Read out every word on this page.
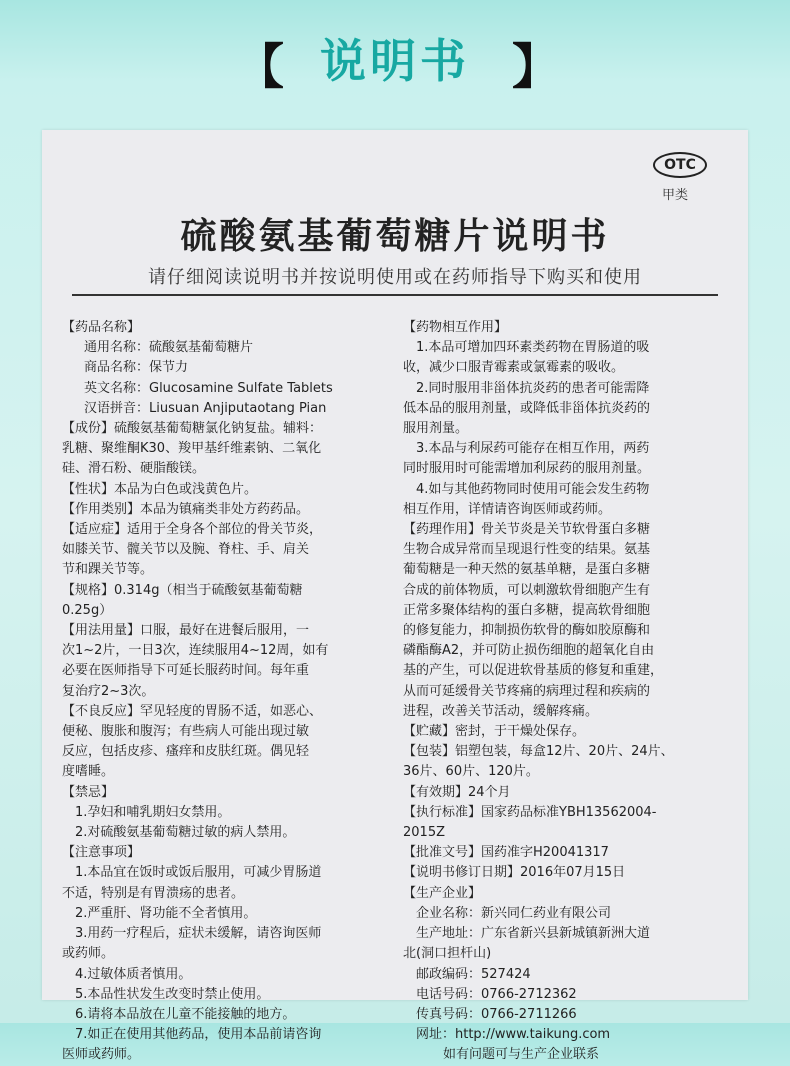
【 说明书 】
OTC
甲类
硫酸氨基葡萄糖片说明书
请仔细阅读说明书并按说明使用或在药师指导下购买和使用

【药品名称】

通用名称：硫酸氨基葡萄糖片

商品名称：保节力

英文名称：Glucosamine Sulfate Tablets

汉语拼音：Liusuan Anjiputaotang Pian

【成份】硫酸氨基葡萄糖氯化钠复盐。辅料：

乳糖、聚维酮K30、羧甲基纤维素钠、二氧化

硅、滑石粉、硬脂酸镁。

【性状】本品为白色或浅黄色片。

【作用类别】本品为镇痛类非处方药药品。

【适应症】适用于全身各个部位的骨关节炎，

如膝关节、髋关节以及腕、脊柱、手、肩关

节和踝关节等。

【规格】0.314g（相当于硫酸氨基葡萄糖

0.25g）

【用法用量】口服，最好在进餐后服用，一

次1~2片，一日3次，连续服用4~12周，如有

必要在医师指导下可延长服药时间。每年重

复治疗2~3次。

【不良反应】罕见轻度的胃肠不适，如恶心、

便秘、腹胀和腹泻；有些病人可能出现过敏

反应，包括皮疹、瘙痒和皮肤红斑。偶见轻

度嗜睡。

【禁忌】

1.孕妇和哺乳期妇女禁用。

2.对硫酸氨基葡萄糖过敏的病人禁用。

【注意事项】

1.本品宜在饭时或饭后服用，可减少胃肠道

不适，特别是有胃溃疡的患者。

2.严重肝、肾功能不全者慎用。

3.用药一疗程后，症状未缓解，请咨询医师

或药师。

4.过敏体质者慎用。

5.本品性状发生改变时禁止使用。

6.请将本品放在儿童不能接触的地方。

7.如正在使用其他药品，使用本品前请咨询

医师或药师。

【药物相互作用】

1.本品可增加四环素类药物在胃肠道的吸

收，减少口服青霉素或氯霉素的吸收。

2.同时服用非甾体抗炎药的患者可能需降

低本品的服用剂量，或降低非甾体抗炎药的

服用剂量。

3.本品与利尿药可能存在相互作用，两药

同时服用时可能需增加利尿药的服用剂量。

4.如与其他药物同时使用可能会发生药物

相互作用，详情请咨询医师或药师。

【药理作用】骨关节炎是关节软骨蛋白多糖

生物合成异常而呈现退行性变的结果。氨基

葡萄糖是一种天然的氨基单糖，是蛋白多糖

合成的前体物质，可以刺激软骨细胞产生有

正常多聚体结构的蛋白多糖，提高软骨细胞

的修复能力，抑制损伤软骨的酶如胶原酶和

磷酯酶A2，并可防止损伤细胞的超氧化自由

基的产生，可以促进软骨基质的修复和重建，

从而可延缓骨关节疼痛的病理过程和疾病的

进程，改善关节活动，缓解疼痛。

【贮藏】密封，于干燥处保存。

【包装】铝塑包装，每盒12片、20片、24片、

36片、60片、120片。

【有效期】24个月

【执行标准】国家药品标准YBH13562004-

2015Z

【批准文号】国药准字H20041317

【说明书修订日期】2016年07月15日

【生产企业】

企业名称：新兴同仁药业有限公司

生产地址：广东省新兴县新城镇新洲大道

北(洞口担杆山)

邮政编码：527424

电话号码：0766-2712362

传真号码：0766-2711266

网址：http://www.taikung.com

如有问题可与生产企业联系
